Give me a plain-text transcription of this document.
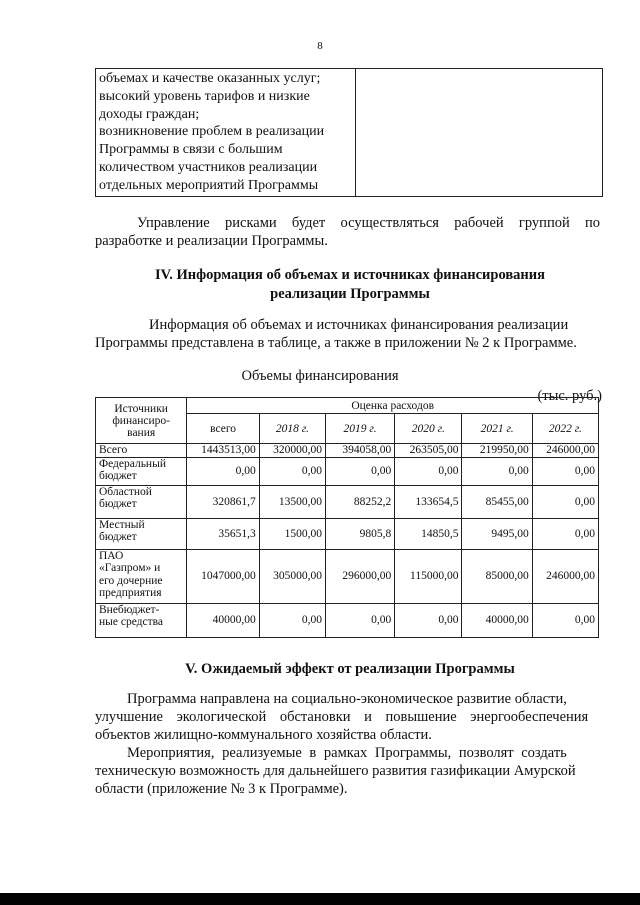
8
объемах и качестве оказанных услуг;
высокий уровень тарифов и низкие
доходы граждан;
возникновение проблем в реализации
Программы в связи с большим
количеством участников реализации
отдельных мероприятий Программы

Управление рисками будет осуществляться рабочей группой по
разработке и реализации Программы.
IV. Информация об объемах и источниках финансирования
реализации Программы
Информация об объемах и источниках финансирования реализации
Программы представлена в таблице, а также в приложении № 2 к Программе.
Объемы финансирования
(тыс. руб.)
Источники
финансиро-
вания	Оценка расходов					
	всего	2018 г.	2019 г.	2020 г.	2021 г.	2022 г.

Всего	1443513,00	320000,00	394058,00	263505,00	219950,00	246000,00

Федеральный
бюджет	0,00	0,00	0,00	0,00	0,00	0,00

Областной
бюджет	320861,7	13500,00	88252,2	133654,5	85455,00	0,00

Местный
бюджет	35651,3	1500,00	9805,8	14850,5	9495,00	0,00

ПАО
«Газпром» и
его дочерние
предприятия	1047000,00	305000,00	296000,00	115000,00	85000,00	246000,00

Внебюджет-
ные средства	40000,00	0,00	0,00	0,00	40000,00	0,00
V. Ожидаемый эффект от реализации Программы
Программа направлена на социально-экономическое развитие области,
улучшение экологической обстановки и повышение энергообеспечения
объектов жилищно-коммунального хозяйства области.
Мероприятия, реализуемые в рамках Программы, позволят создать
техническую возможность для дальнейшего развития газификации Амурской
области (приложение № 3 к Программе).
